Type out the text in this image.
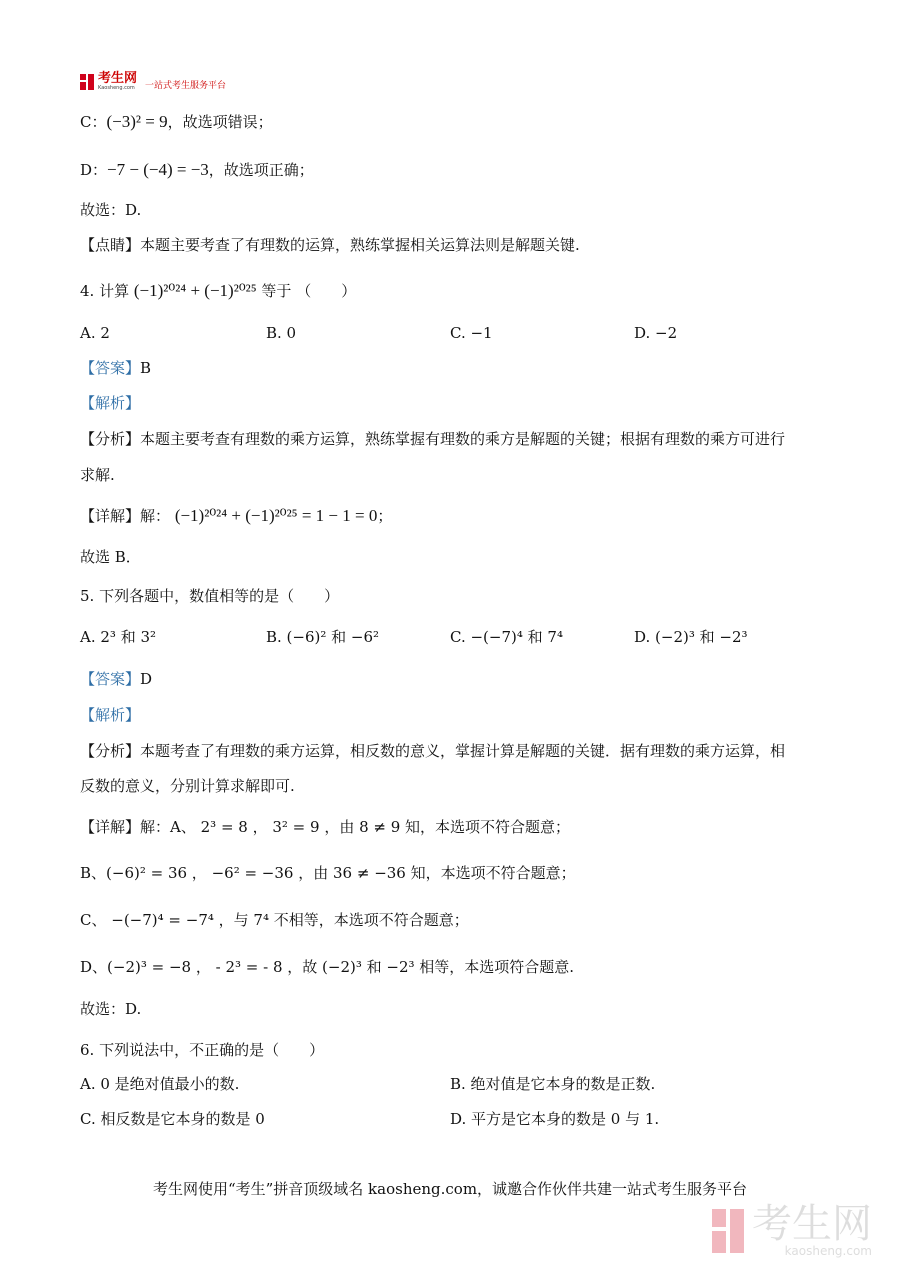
考生网
Kaosheng.com 一站式考生服务平台
C：(−3)² = 9，故选项错误；
D：−7 − (−4) = −3，故选项正确；
故选：D.
【点睛】本题主要考查了有理数的运算，熟练掌握相关运算法则是解题关键.
4. 计算 (−1)²⁰²⁴ + (−1)²⁰²⁵ 等于 （　　）
A. 2	B. 0	C. −1	D. −2
【答案】B
【解析】
【分析】本题主要考查有理数的乘方运算，熟练掌握有理数的乘方是解题的关键；根据有理数的乘方可进行
求解.
【详解】解： (−1)²⁰²⁴ + (−1)²⁰²⁵ = 1 − 1 = 0；
故选 B．
5. 下列各题中，数值相等的是（　　）
A. 2³ 和 3²	B. (−6)² 和 −6²	C. −(−7)⁴ 和 7⁴	D. (−2)³ 和 −2³
【答案】D
【解析】
【分析】本题考查了有理数的乘方运算，相反数的意义，掌握计算是解题的关键．据有理数的乘方运算，相
反数的意义，分别计算求解即可.
【详解】解：A、 2³ = 8 ， 3² = 9 ，由 8 ≠ 9 知，本选项不符合题意；
B、(−6)² = 36 ， −6² = −36 ，由 36 ≠ −36 知，本选项不符合题意；
C、 −(−7)⁴ = −7⁴ ，与 7⁴ 不相等，本选项不符合题意；
D、(−2)³ = −8 ， - 2³ = - 8 ，故 (−2)³ 和 −2³ 相等，本选项符合题意.
故选：D.
6. 下列说法中，不正确的是（　　）
A. 0 是绝对值最小的数.	B. 绝对值是它本身的数是正数.
C. 相反数是它本身的数是 0	D. 平方是它本身的数是 0 与 1.
考生网使用“考生”拼音顶级域名 kaosheng.com，诚邀合作伙伴共建一站式考生服务平台
考生网
kaosheng.com
